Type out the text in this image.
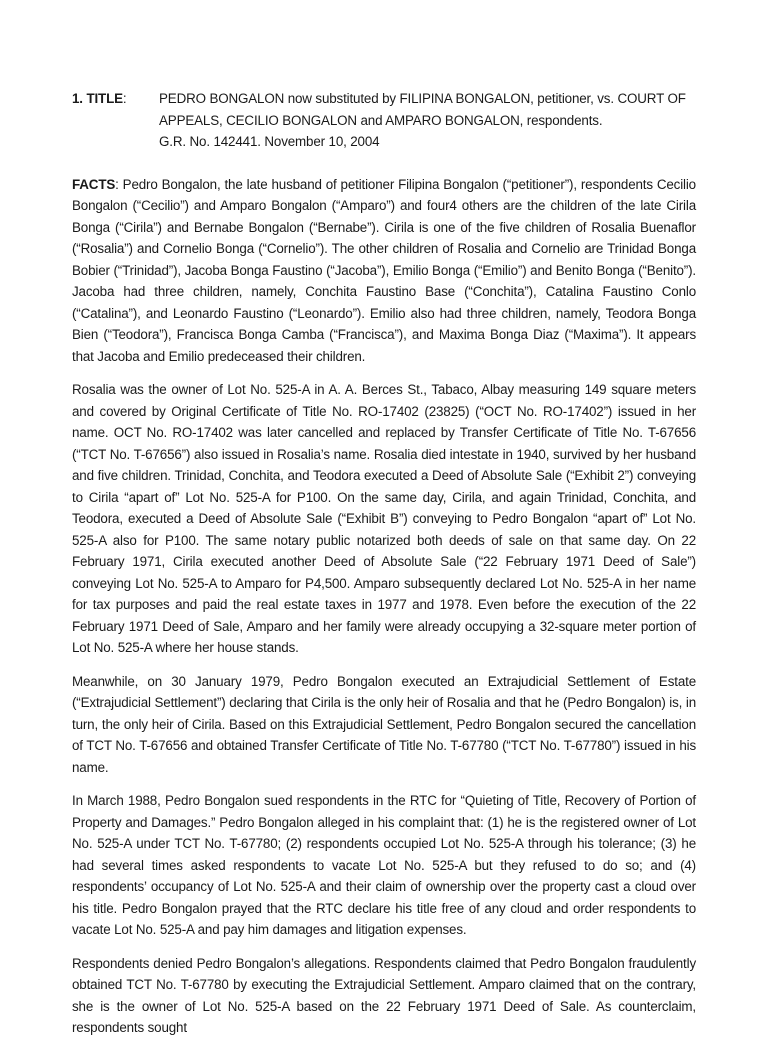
1. TITLE:	PEDRO BONGALON now substituted by FILIPINA BONGALON, petitioner, vs. COURT OF
APPEALS, CECILIO BONGALON and AMPARO BONGALON, respondents.
G.R. No. 142441. November 10, 2004

FACTS: Pedro Bongalon, the late husband of petitioner Filipina Bongalon (“petitioner”), respondents Cecilio Bongalon (“Cecilio”) and Amparo Bongalon (“Amparo”) and four4 others are the children of the late Cirila Bonga (“Cirila”) and Bernabe Bongalon (“Bernabe”). Cirila is one of the five children of Rosalia Buenaflor (“Rosalia”) and Cornelio Bonga (“Cornelio”). The other children of Rosalia and Cornelio are Trinidad Bonga Bobier (“Trinidad”), Jacoba Bonga Faustino (“Jacoba”), Emilio Bonga (“Emilio”) and Benito Bonga (“Benito”). Jacoba had three children, namely, Conchita Faustino Base (“Conchita”), Catalina Faustino Conlo (“Catalina”), and Leonardo Faustino (“Leonardo”). Emilio also had three children, namely, Teodora Bonga Bien (“Teodora”), Francisca Bonga Camba (“Francisca”), and Maxima Bonga Diaz (“Maxima”). It appears that Jacoba and Emilio predeceased their children.

Rosalia was the owner of Lot No. 525-A in A. A. Berces St., Tabaco, Albay measuring 149 square meters and covered by Original Certificate of Title No. RO-17402 (23825) (“OCT No. RO-17402”) issued in her name. OCT No. RO-17402 was later cancelled and replaced by Transfer Certificate of Title No. T-67656 (“TCT No. T-67656”) also issued in Rosalia’s name. Rosalia died intestate in 1940, survived by her husband and five children. Trinidad, Conchita, and Teodora executed a Deed of Absolute Sale (“Exhibit 2”) conveying to Cirila “apart of” Lot No. 525-A for P100. On the same day, Cirila, and again Trinidad, Conchita, and Teodora, executed a Deed of Absolute Sale (“Exhibit B”) conveying to Pedro Bongalon “apart of” Lot No. 525-A also for P100. The same notary public notarized both deeds of sale on that same day. On 22 February 1971, Cirila executed another Deed of Absolute Sale (“22 February 1971 Deed of Sale”) conveying Lot No. 525-A to Amparo for P4,500. Amparo subsequently declared Lot No. 525-A in her name for tax purposes and paid the real estate taxes in 1977 and 1978. Even before the execution of the 22 February 1971 Deed of Sale, Amparo and her family were already occupying a 32-square meter portion of Lot No. 525-A where her house stands.

Meanwhile, on 30 January 1979, Pedro Bongalon executed an Extrajudicial Settlement of Estate (“Extrajudicial Settlement”) declaring that Cirila is the only heir of Rosalia and that he (Pedro Bongalon) is, in turn, the only heir of Cirila. Based on this Extrajudicial Settlement, Pedro Bongalon secured the cancellation of TCT No. T-67656 and obtained Transfer Certificate of Title No. T-67780 (“TCT No. T-67780”) issued in his name.

In March 1988, Pedro Bongalon sued respondents in the RTC for “Quieting of Title, Recovery of Portion of Property and Damages.” Pedro Bongalon alleged in his complaint that: (1) he is the registered owner of Lot No. 525-A under TCT No. T-67780; (2) respondents occupied Lot No. 525-A through his tolerance; (3) he had several times asked respondents to vacate Lot No. 525-A but they refused to do so; and (4) respondents’ occupancy of Lot No. 525-A and their claim of ownership over the property cast a cloud over his title. Pedro Bongalon prayed that the RTC declare his title free of any cloud and order respondents to vacate Lot No. 525-A and pay him damages and litigation expenses.

Respondents denied Pedro Bongalon’s allegations. Respondents claimed that Pedro Bongalon fraudulently obtained TCT No. T-67780 by executing the Extrajudicial Settlement. Amparo claimed that on the contrary, she is the owner of Lot No. 525-A based on the 22 February 1971 Deed of Sale. As counterclaim, respondents sought
